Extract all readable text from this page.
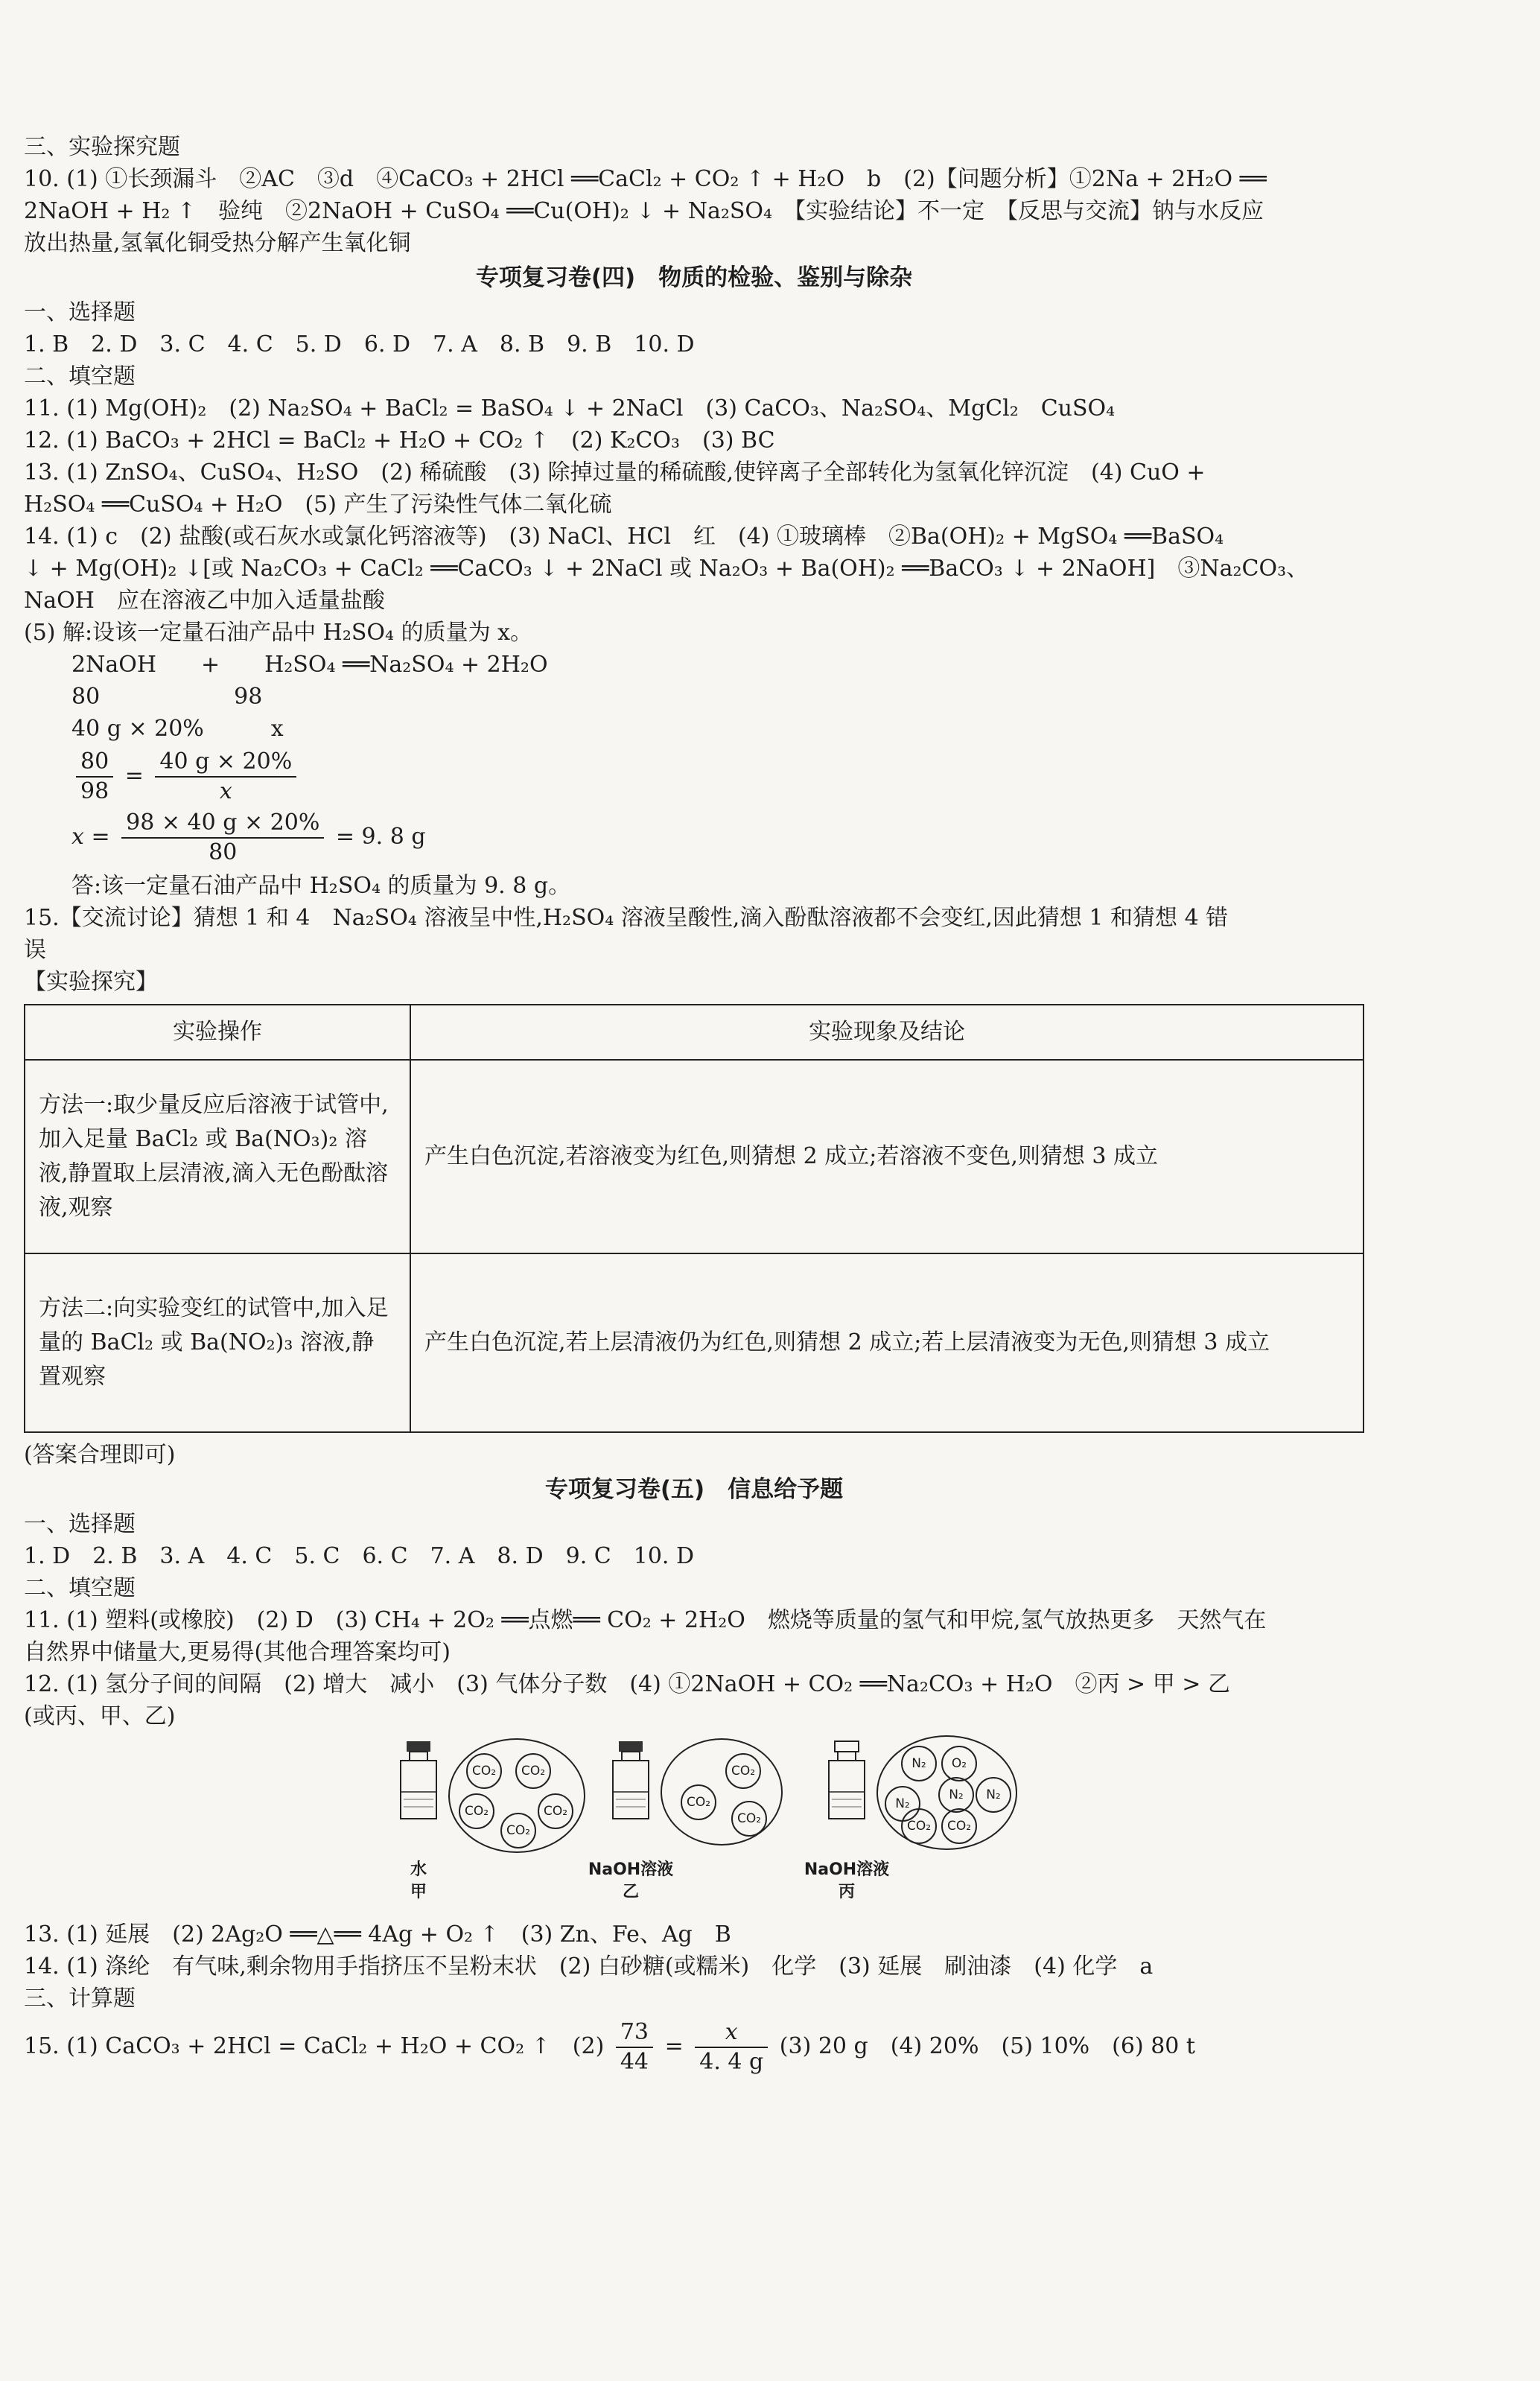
三、实验探究题
10. (1) ①长颈漏斗　②AC　③d　④CaCO₃ + 2HCl ══CaCl₂ + CO₂ ↑ + H₂O　b　(2)【问题分析】①2Na + 2H₂O ══
2NaOH + H₂ ↑　验纯　②2NaOH + CuSO₄ ══Cu(OH)₂ ↓ + Na₂SO₄　【实验结论】不一定　【反思与交流】钠与水反应
放出热量,氢氧化铜受热分解产生氧化铜
专项复习卷(四)　物质的检验、鉴别与除杂
一、选择题
1. B　2. D　3. C　4. C　5. D　6. D　7. A　8. B　9. B　10. D
二、填空题
11. (1) Mg(OH)₂　(2) Na₂SO₄ + BaCl₂ = BaSO₄ ↓ + 2NaCl　(3) CaCO₃、Na₂SO₄、MgCl₂　CuSO₄
12. (1) BaCO₃ + 2HCl = BaCl₂ + H₂O + CO₂ ↑　(2) K₂CO₃　(3) BC
13. (1) ZnSO₄、CuSO₄、H₂SO　(2) 稀硫酸　(3) 除掉过量的稀硫酸,使锌离子全部转化为氢氧化锌沉淀　(4) CuO +
H₂SO₄ ══CuSO₄ + H₂O　(5) 产生了污染性气体二氧化硫
14. (1) c　(2) 盐酸(或石灰水或氯化钙溶液等)　(3) NaCl、HCl　红　(4) ①玻璃棒　②Ba(OH)₂ + MgSO₄ ══BaSO₄
↓ + Mg(OH)₂ ↓[或 Na₂CO₃ + CaCl₂ ══CaCO₃ ↓ + 2NaCl 或 Na₂O₃ + Ba(OH)₂ ══BaCO₃ ↓ + 2NaOH]　③Na₂CO₃、
NaOH　应在溶液乙中加入适量盐酸
(5) 解:设该一定量石油产品中 H₂SO₄ 的质量为 x。
2NaOH　　+　　H₂SO₄ ══Na₂SO₄ + 2H₂O
80　　　　　　98
40 g × 20%　　　x
$\frac{80}{98} = \frac{40 g \times 20\%}{x}$
$x = \frac{98 \times 40 g \times 20\%}{80} = 9$. 8 g
答:该一定量石油产品中 H₂SO₄ 的质量为 9. 8 g。
15.【交流讨论】猜想 1 和 4　Na₂SO₄ 溶液呈中性,H₂SO₄ 溶液呈酸性,滴入酚酞溶液都不会变红,因此猜想 1 和猜想 4 错
误
【实验探究】
实验操作	实验现象及结论
方法一:取少量反应后溶液于试管中,加入足量 BaCl₂ 或 Ba(NO₃)₂ 溶液,静置取上层清液,滴入无色酚酞溶液,观察	产生白色沉淀,若溶液变为红色,则猜想 2 成立;若溶液不变色,则猜想 3 成立
方法二:向实验变红的试管中,加入足量的 BaCl₂ 或 Ba(NO₂)₃ 溶液,静置观察	产生白色沉淀,若上层清液仍为红色,则猜想 2 成立;若上层清液变为无色,则猜想 3 成立
(答案合理即可)
专项复习卷(五)　信息给予题
一、选择题
1. D　2. B　3. A　4. C　5. C　6. C　7. A　8. D　9. C　10. D
二、填空题
11. (1) 塑料(或橡胶)　(2) D　(3) CH₄ + 2O₂ ══点燃══ CO₂ + 2H₂O　燃烧等质量的氢气和甲烷,氢气放热更多　天然气在
自然界中储量大,更易得(其他合理答案均可)
12. (1) 氢分子间的间隔　(2) 增大　减小　(3) 气体分子数　(4) ①2NaOH + CO₂ ══Na₂CO₃ + H₂O　②丙 > 甲 > 乙
(或丙、甲、乙)
CO₂	CO₂
CO₂	CO₂
CO₂
水
甲
CO₂
CO₂
CO₂
NaOH溶液
乙
N₂	O₂
N₂	N₂
N₂
CO₂	CO₂
NaOH溶液
丙
13. (1) 延展　(2) 2Ag₂O ══△══ 4Ag + O₂ ↑　(3) Zn、Fe、Ag　B
14. (1) 涤纶　有气味,剩余物用手指挤压不呈粉末状　(2) 白砂糖(或糯米)　化学　(3) 延展　刷油漆　(4) 化学　a
三、计算题
15. (1) CaCO₃ + 2HCl = CaCl₂ + H₂O + CO₂ ↑　$(2) \frac{73}{44} = \frac{x}{4. 4 g} (3)$ 20 g　(4) 20%　(5) 10%　(6) 80 t
